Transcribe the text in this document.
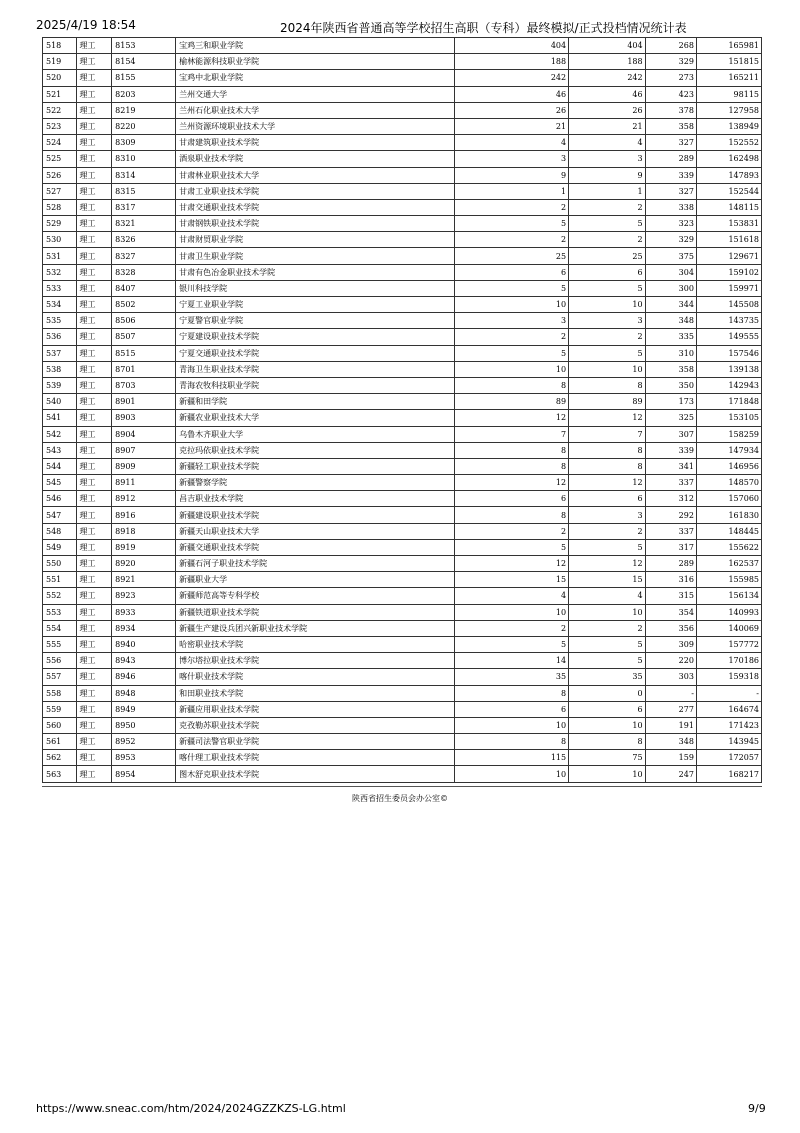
2025/4/19 18:54	2024年陕西省普通高等学校招生高职（专科）最终模拟/正式投档情况统计表
518	理工	8153	宝鸡三和职业学院	404	404	268	165981
519	理工	8154	榆林能源科技职业学院	188	188	329	151815
520	理工	8155	宝鸡中北职业学院	242	242	273	165211
521	理工	8203	兰州交通大学	46	46	423	98115
522	理工	8219	兰州石化职业技术大学	26	26	378	127958
523	理工	8220	兰州资源环境职业技术大学	21	21	358	138949
524	理工	8309	甘肃建筑职业技术学院	4	4	327	152552
525	理工	8310	酒泉职业技术学院	3	3	289	162498
526	理工	8314	甘肃林业职业技术大学	9	9	339	147893
527	理工	8315	甘肃工业职业技术学院	1	1	327	152544
528	理工	8317	甘肃交通职业技术学院	2	2	338	148115
529	理工	8321	甘肃钢铁职业技术学院	5	5	323	153831
530	理工	8326	甘肃财贸职业学院	2	2	329	151618
531	理工	8327	甘肃卫生职业学院	25	25	375	129671
532	理工	8328	甘肃有色冶金职业技术学院	6	6	304	159102
533	理工	8407	银川科技学院	5	5	300	159971
534	理工	8502	宁夏工业职业学院	10	10	344	145508
535	理工	8506	宁夏警官职业学院	3	3	348	143735
536	理工	8507	宁夏建设职业技术学院	2	2	335	149555
537	理工	8515	宁夏交通职业技术学院	5	5	310	157546
538	理工	8701	青海卫生职业技术学院	10	10	358	139138
539	理工	8703	青海农牧科技职业学院	8	8	350	142943
540	理工	8901	新疆和田学院	89	89	173	171848
541	理工	8903	新疆农业职业技术大学	12	12	325	153105
542	理工	8904	乌鲁木齐职业大学	7	7	307	158259
543	理工	8907	克拉玛依职业技术学院	8	8	339	147934
544	理工	8909	新疆轻工职业技术学院	8	8	341	146956
545	理工	8911	新疆警察学院	12	12	337	148570
546	理工	8912	昌吉职业技术学院	6	6	312	157060
547	理工	8916	新疆建设职业技术学院	8	3	292	161830
548	理工	8918	新疆天山职业技术大学	2	2	337	148445
549	理工	8919	新疆交通职业技术学院	5	5	317	155622
550	理工	8920	新疆石河子职业技术学院	12	12	289	162537
551	理工	8921	新疆职业大学	15	15	316	155985
552	理工	8923	新疆师范高等专科学校	4	4	315	156134
553	理工	8933	新疆铁道职业技术学院	10	10	354	140993
554	理工	8934	新疆生产建设兵团兴新职业技术学院	2	2	356	140069
555	理工	8940	哈密职业技术学院	5	5	309	157772
556	理工	8943	博尔塔拉职业技术学院	14	5	220	170186
557	理工	8946	喀什职业技术学院	35	35	303	159318
558	理工	8948	和田职业技术学院	8	0	-	-
559	理工	8949	新疆应用职业技术学院	6	6	277	164674
560	理工	8950	克孜勒苏职业技术学院	10	10	191	171423
561	理工	8952	新疆司法警官职业学院	8	8	348	143945
562	理工	8953	喀什理工职业技术学院	115	75	159	172057
563	理工	8954	图木舒克职业技术学院	10	10	247	168217
陕西省招生委员会办公室©
https://www.sneac.com/htm/2024/2024GZZKZS-LG.html	9/9
